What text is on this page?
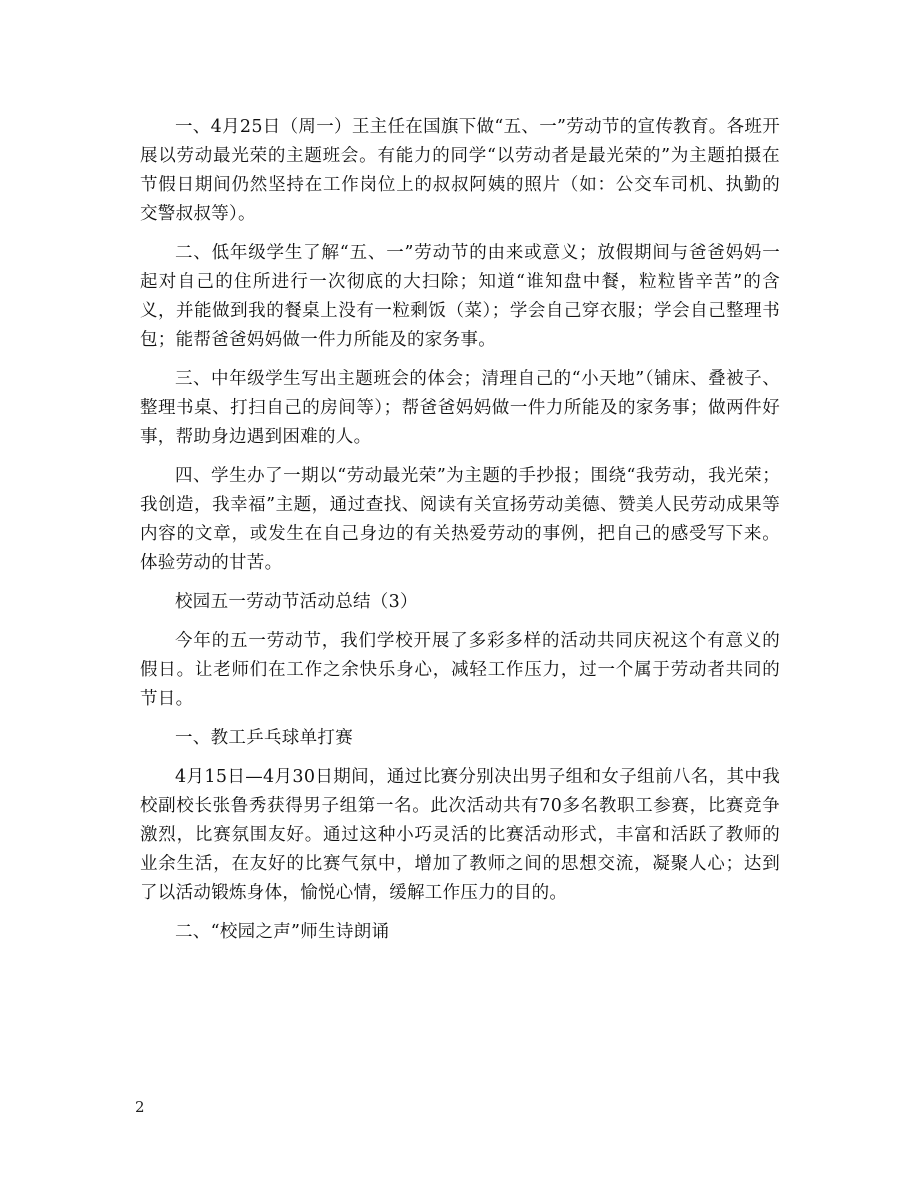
一、4月25日（周一）王主任在国旗下做“五、一”劳动节的宣传教育。各班开展以劳动最光荣的主题班会。有能力的同学“以劳动者是最光荣的”为主题拍摄在节假日期间仍然坚持在工作岗位上的叔叔阿姨的照片（如：公交车司机、执勤的交警叔叔等）。

二、低年级学生了解“五、一”劳动节的由来或意义；放假期间与爸爸妈妈一起对自己的住所进行一次彻底的大扫除；知道“谁知盘中餐，粒粒皆辛苦”的含义，并能做到我的餐桌上没有一粒剩饭（菜）；学会自己穿衣服；学会自己整理书包；能帮爸爸妈妈做一件力所能及的家务事。

三、中年级学生写出主题班会的体会；清理自己的“小天地”（铺床、叠被子、整理书桌、打扫自己的房间等）；帮爸爸妈妈做一件力所能及的家务事；做两件好事，帮助身边遇到困难的人。

四、学生办了一期以“劳动最光荣”为主题的手抄报；围绕“我劳动，我光荣；我创造，我幸福”主题，通过查找、阅读有关宣扬劳动美德、赞美人民劳动成果等内容的文章，或发生在自己身边的有关热爱劳动的事例，把自己的感受写下来。体验劳动的甘苦。

校园五一劳动节活动总结（3）

今年的五一劳动节，我们学校开展了多彩多样的活动共同庆祝这个有意义的假日。让老师们在工作之余快乐身心，减轻工作压力，过一个属于劳动者共同的节日。

一、教工乒乓球单打赛

4月15日—4月30日期间，通过比赛分别决出男子组和女子组前八名，其中我校副校长张鲁秀获得男子组第一名。此次活动共有70多名教职工参赛，比赛竞争激烈，比赛氛围友好。通过这种小巧灵活的比赛活动形式，丰富和活跃了教师的业余生活，在友好的比赛气氛中，增加了教师之间的思想交流，凝聚人心；达到了以活动锻炼身体，愉悦心情，缓解工作压力的目的。

二、“校园之声”师生诗朗诵

2
